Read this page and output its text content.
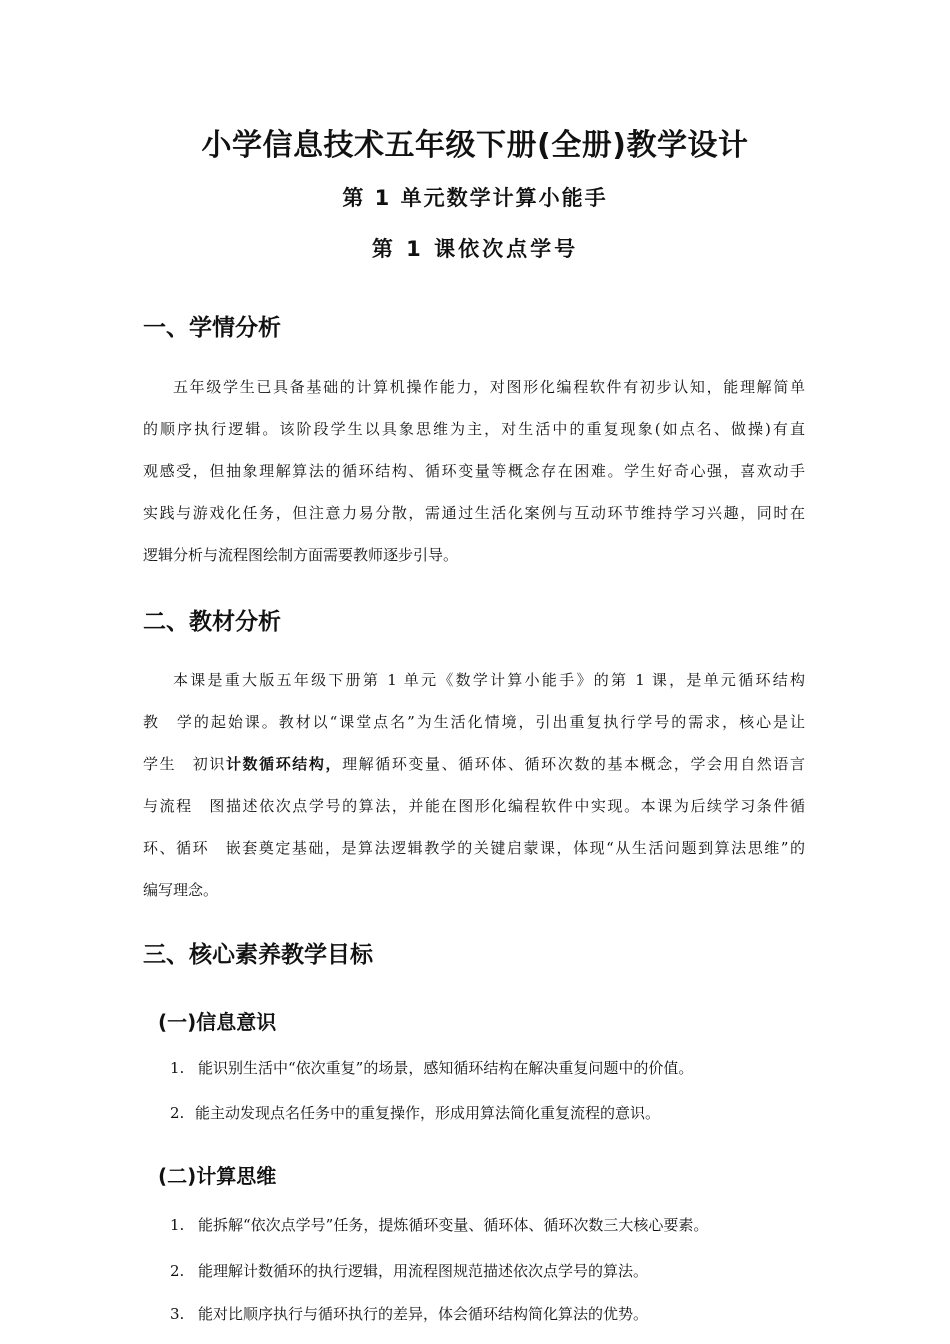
小学信息技术五年级下册(全册)教学设计
第 1 单元数学计算小能手
第 1 课依次点学号
一、学情分析
五年级学生已具备基础的计算机操作能力，对图形化编程软件有初步认知，能理解简单
的顺序执行逻辑。该阶段学生以具象思维为主，对生活中的重复现象(如点名、做操)有直
观感受，但抽象理解算法的循环结构、循环变量等概念存在困难。学生好奇心强，喜欢动手
实践与游戏化任务，但注意力易分散，需通过生活化案例与互动环节维持学习兴趣，同时在
逻辑分析与流程图绘制方面需要教师逐步引导。
二、教材分析
本课是重大版五年级下册第 1 单元《数学计算小能手》的第 1 课，是单元循环结构
教　学的起始课。教材以“课堂点名”为生活化情境，引出重复执行学号的需求，核心是让
学生　初识计数循环结构，理解循环变量、循环体、循环次数的基本概念，学会用自然语言
与流程　图描述依次点学号的算法，并能在图形化编程软件中实现。本课为后续学习条件循
环、循环　嵌套奠定基础，是算法逻辑教学的关键启蒙课，体现“从生活问题到算法思维”的
编写理念。
三、核心素养教学目标
(一)信息意识
1. 能识别生活中“依次重复”的场景，感知循环结构在解决重复问题中的价值。
2. 能主动发现点名任务中的重复操作，形成用算法简化重复流程的意识。
(二)计算思维
1. 能拆解“依次点学号”任务，提炼循环变量、循环体、循环次数三大核心要素。
2. 能理解计数循环的执行逻辑，用流程图规范描述依次点学号的算法。
3. 能对比顺序执行与循环执行的差异，体会循环结构简化算法的优势。
